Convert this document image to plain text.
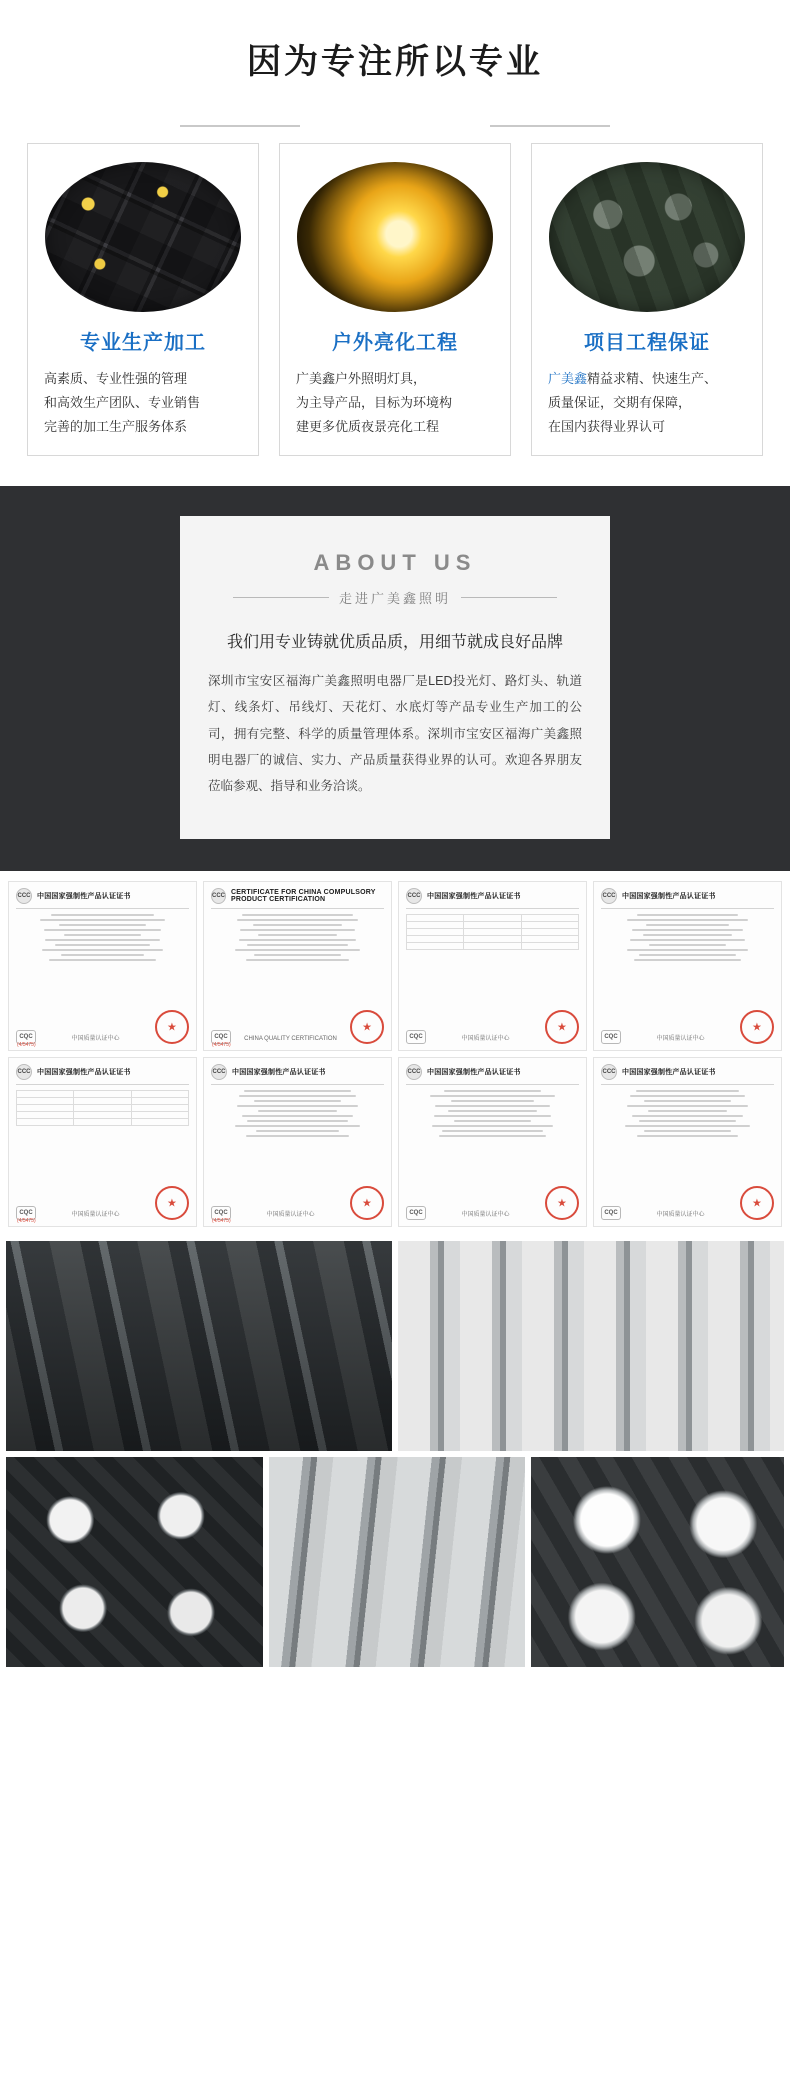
因为专注所以专业
专业生产加工
高素质、专业性强的管理
和高效生产团队、专业销售
完善的加工生产服务体系
户外亮化工程
广美鑫户外照明灯具，
为主导产品，目标为环境构
建更多优质夜景亮化工程
项目工程保证
广美鑫精益求精、快速生产、
质量保证，交期有保障，
在国内获得业界认可
ABOUT US
走进广美鑫照明
我们用专业铸就优质品质，用细节就成良好品牌
深圳市宝安区福海广美鑫照明电器厂是LED投光灯、路灯头、轨道灯、线条灯、吊线灯、天花灯、水底灯等产品专业生产加工的公司，拥有完整、科学的质量管理体系。深圳市宝安区福海广美鑫照明电器厂的诚信、实力、产品质量获得业界的认可。欢迎各界朋友莅临参观、指导和业务洽谈。
CCC 中国国家强制性产品认证证书
CQC	中国质量认证中心
★
(4/5475)
CCC CERTIFICATE FOR CHINA COMPULSORY PRODUCT CERTIFICATION
CQC	CHINA QUALITY CERTIFICATION
★
(4/5475)
CCC 中国国家强制性产品认证证书

CQC	中国质量认证中心
★
CCC 中国国家强制性产品认证证书
CQC	中国质量认证中心
★
CCC 中国国家强制性产品认证证书

CQC	中国质量认证中心
★
(4/5475)
CCC 中国国家强制性产品认证证书
CQC	中国质量认证中心
★
(4/5475)
CCC 中国国家强制性产品认证证书
CQC	中国质量认证中心
★
CCC 中国国家强制性产品认证证书
CQC	中国质量认证中心
★
